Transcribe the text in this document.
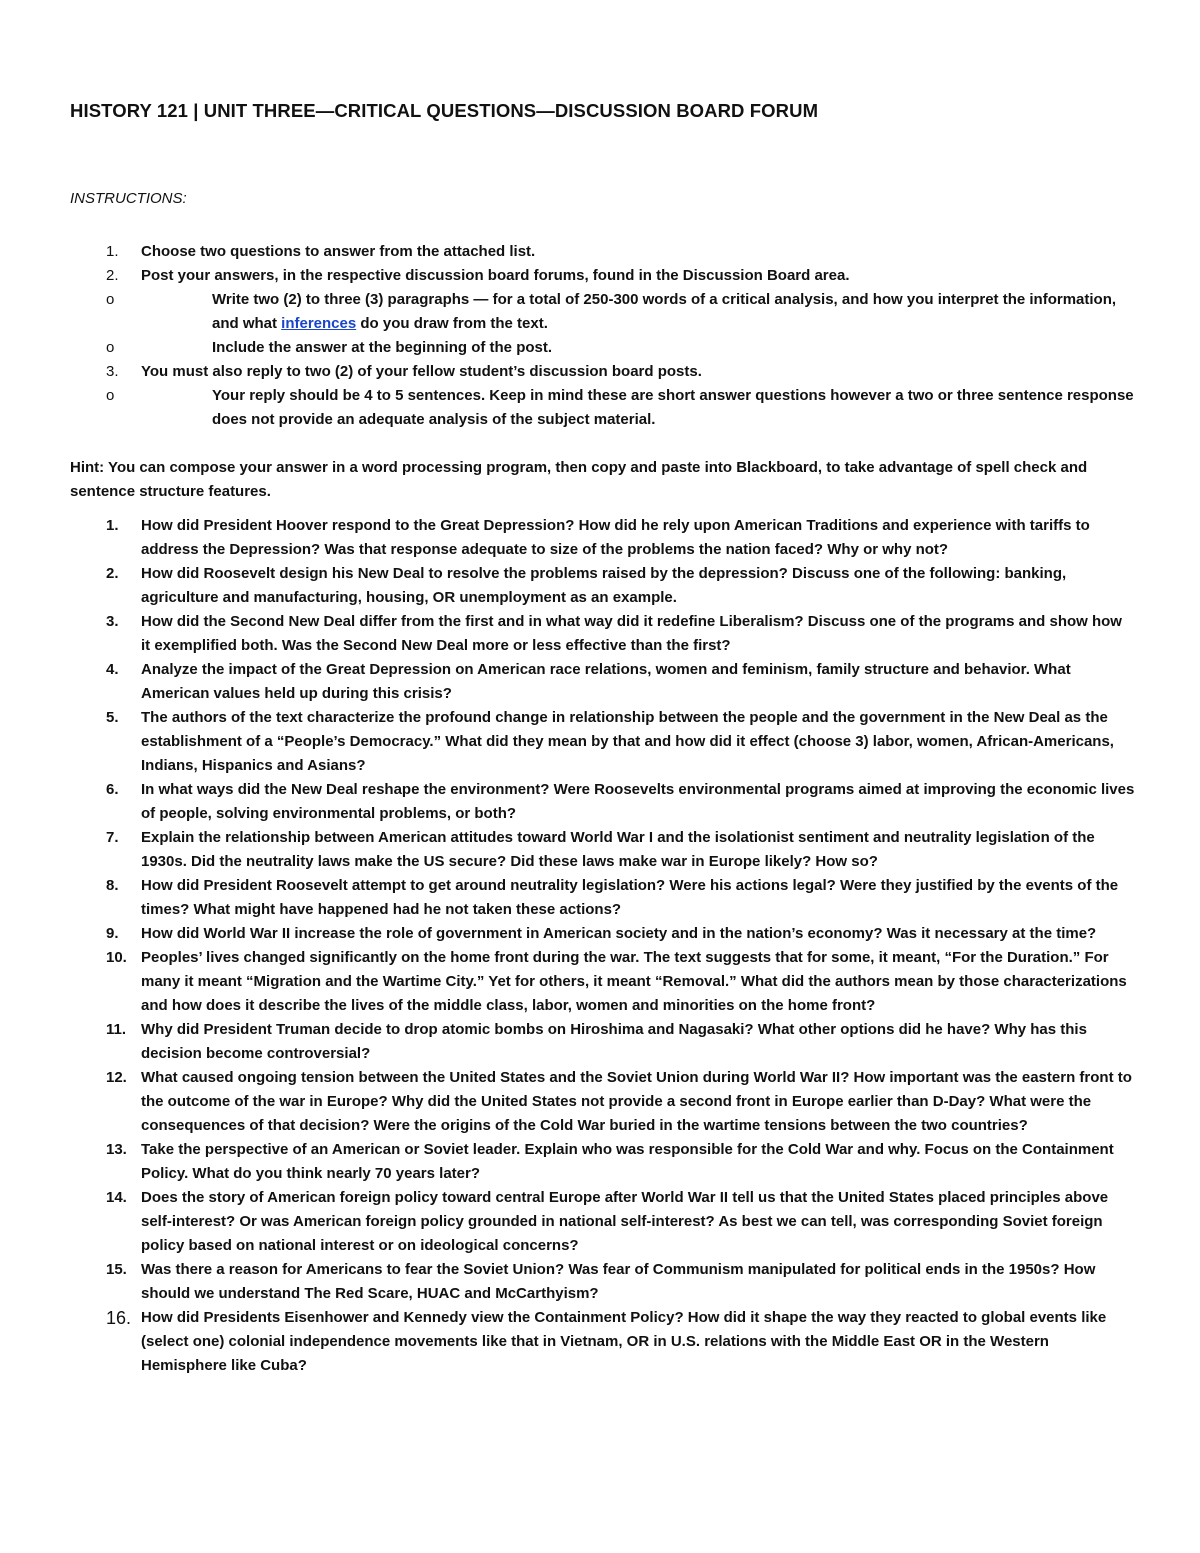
HISTORY 121 | UNIT THREE—CRITICAL QUESTIONS—DISCUSSION BOARD FORUM
INSTRUCTIONS:
1. Choose two questions to answer from the attached list.
2. Post your answers, in the respective discussion board forums, found in the Discussion Board area.
o	Write two (2) to three (3) paragraphs — for a total of 250-300 words of a critical analysis, and how you interpret the information, and what inferences do you draw from the text.
o	Include the answer at the beginning of the post.
3. You must also reply to two (2) of your fellow student’s discussion board posts.
o	Your reply should be 4 to 5 sentences. Keep in mind these are short answer questions however a two or three sentence response does not provide an adequate analysis of the subject material.
Hint: You can compose your answer in a word processing program, then copy and paste into Blackboard, to take advantage of spell check and sentence structure features.
1. How did President Hoover respond to the Great Depression? How did he rely upon American Traditions and experience with tariffs to address the Depression? Was that response adequate to size of the problems the nation faced? Why or why not?
2. How did Roosevelt design his New Deal to resolve the problems raised by the depression? Discuss one of the following: banking, agriculture and manufacturing, housing, OR unemployment as an example.
3. How did the Second New Deal differ from the first and in what way did it redefine Liberalism? Discuss one of the programs and show how it exemplified both. Was the Second New Deal more or less effective than the first?
4. Analyze the impact of the Great Depression on American race relations, women and feminism, family structure and behavior. What American values held up during this crisis?
5. The authors of the text characterize the profound change in relationship between the people and the government in the New Deal as the establishment of a “People’s Democracy.” What did they mean by that and how did it effect (choose 3) labor, women, African-Americans, Indians, Hispanics and Asians?
6. In what ways did the New Deal reshape the environment? Were Roosevelts environmental programs aimed at improving the economic lives of people, solving environmental problems, or both?
7. Explain the relationship between American attitudes toward World War I and the isolationist sentiment and neutrality legislation of the 1930s. Did the neutrality laws make the US secure? Did these laws make war in Europe likely? How so?
8. How did President Roosevelt attempt to get around neutrality legislation? Were his actions legal? Were they justified by the events of the times? What might have happened had he not taken these actions?
9. How did World War II increase the role of government in American society and in the nation’s economy? Was it necessary at the time?
10. Peoples’ lives changed significantly on the home front during the war. The text suggests that for some, it meant, “For the Duration.” For many it meant “Migration and the Wartime City.” Yet for others, it meant “Removal.” What did the authors mean by those characterizations and how does it describe the lives of the middle class, labor, women and minorities on the home front?
11. Why did President Truman decide to drop atomic bombs on Hiroshima and Nagasaki? What other options did he have? Why has this decision become controversial?
12. What caused ongoing tension between the United States and the Soviet Union during World War II? How important was the eastern front to the outcome of the war in Europe? Why did the United States not provide a second front in Europe earlier than D-Day? What were the consequences of that decision? Were the origins of the Cold War buried in the wartime tensions between the two countries?
13. Take the perspective of an American or Soviet leader. Explain who was responsible for the Cold War and why. Focus on the Containment Policy. What do you think nearly 70 years later?
14. Does the story of American foreign policy toward central Europe after World War II tell us that the United States placed principles above self-interest? Or was American foreign policy grounded in national self-interest? As best we can tell, was corresponding Soviet foreign policy based on national interest or on ideological concerns?
15. Was there a reason for Americans to fear the Soviet Union? Was fear of Communism manipulated for political ends in the 1950s? How should we understand The Red Scare, HUAC and McCarthyism?
16. How did Presidents Eisenhower and Kennedy view the Containment Policy? How did it shape the way they reacted to global events like (select one) colonial independence movements like that in Vietnam, OR in U.S. relations with the Middle East OR in the Western Hemisphere like Cuba?
